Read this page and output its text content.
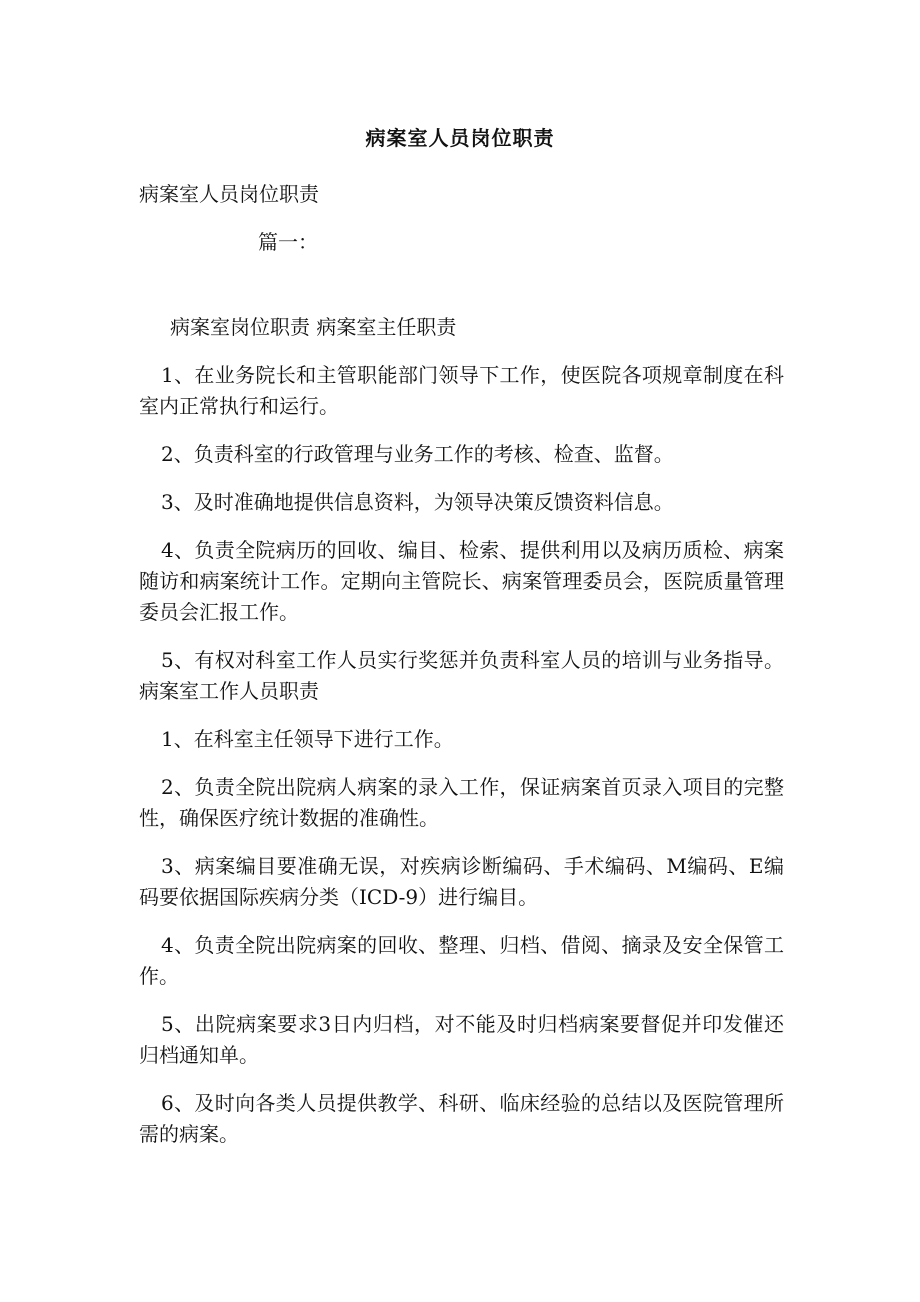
病案室人员岗位职责
病案室人员岗位职责
篇一：

病案室岗位职责 病案室主任职责

1、在业务院长和主管职能部门领导下工作，使医院各项规章制度在科室内正常执行和运行。

2、负责科室的行政管理与业务工作的考核、检查、监督。

3、及时准确地提供信息资料，为领导决策反馈资料信息。

4、负责全院病历的回收、编目、检索、提供利用以及病历质检、病案随访和病案统计工作。定期向主管院长、病案管理委员会，医院质量管理委员会汇报工作。

5、有权对科室工作人员实行奖惩并负责科室人员的培训与业务指导。 病案室工作人员职责

1、在科室主任领导下进行工作。

2、负责全院出院病人病案的录入工作，保证病案首页录入项目的完整性，确保医疗统计数据的准确性。

3、病案编目要准确无误，对疾病诊断编码、手术编码、M编码、E编码要依据国际疾病分类（ICD-9）进行编目。

4、负责全院出院病案的回收、整理、归档、借阅、摘录及安全保管工作。

5、出院病案要求3日内归档，对不能及时归档病案要督促并印发催还归档通知单。

6、及时向各类人员提供教学、科研、临床经验的总结以及医院管理所需的病案。
